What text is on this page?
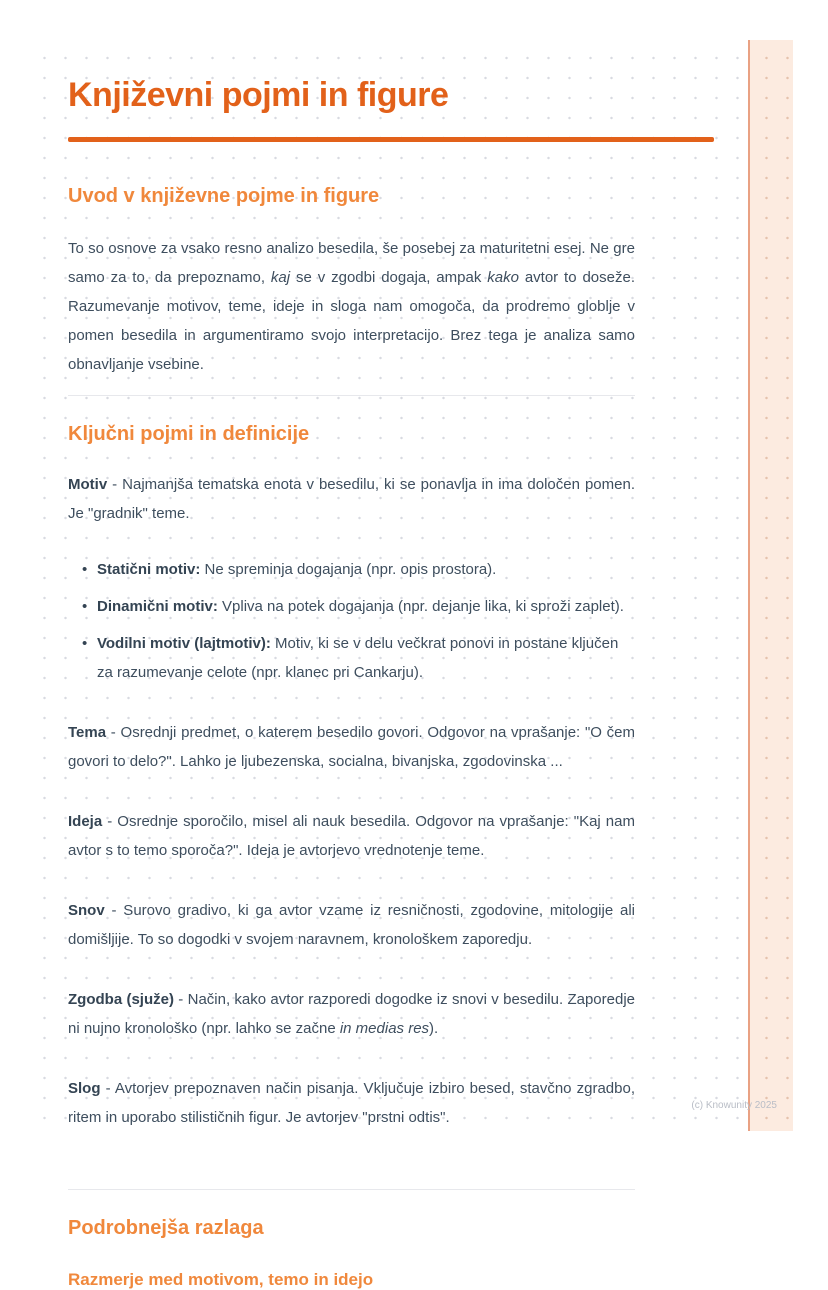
Književni pojmi in figure
Uvod v književne pojme in figure

To so osnove za vsako resno analizo besedila, še posebej za maturitetni esej. Ne gre samo za to, da prepoznamo, kaj se v zgodbi dogaja, ampak kako avtor to doseže. Razumevanje motivov, teme, ideje in sloga nam omogoča, da prodremo globlje v pomen besedila in argumentiramo svojo interpretacijo. Brez tega je analiza samo obnavljanje vsebine.

Ključni pojmi in definicije

Motiv - Najmanjša tematska enota v besedilu, ki se ponavlja in ima določen pomen. Je "gradnik" teme.

• Statični motiv: Ne spreminja dogajanja (npr. opis prostora).
• Dinamični motiv: Vpliva na potek dogajanja (npr. dejanje lika, ki sproži zaplet).
• Vodilni motiv (lajtmotiv): Motiv, ki se v delu večkrat ponovi in postane ključen za razumevanje celote (npr. klanec pri Cankarju).

Tema - Osrednji predmet, o katerem besedilo govori. Odgovor na vprašanje: "O čem govori to delo?". Lahko je ljubezenska, socialna, bivanjska, zgodovinska ...

Ideja - Osrednje sporočilo, misel ali nauk besedila. Odgovor na vprašanje: "Kaj nam avtor s to temo sporoča?". Ideja je avtorjevo vrednotenje teme.

Snov - Surovo gradivo, ki ga avtor vzame iz resničnosti, zgodovine, mitologije ali domišljije. To so dogodki v svojem naravnem, kronološkem zaporedju.

Zgodba (sjuže) - Način, kako avtor razporedi dogodke iz snovi v besedilu. Zaporedje ni nujno kronološko (npr. lahko se začne in medias res).

Slog - Avtorjev prepoznaven način pisanja. Vključuje izbiro besed, stavčno zgradbo, ritem in uporabo stilističnih figur. Je avtorjev "prstni odtis".

Podrobnejša razlaga
Razmerje med motivom, temo in idejo
(c) Knowunity 2025
